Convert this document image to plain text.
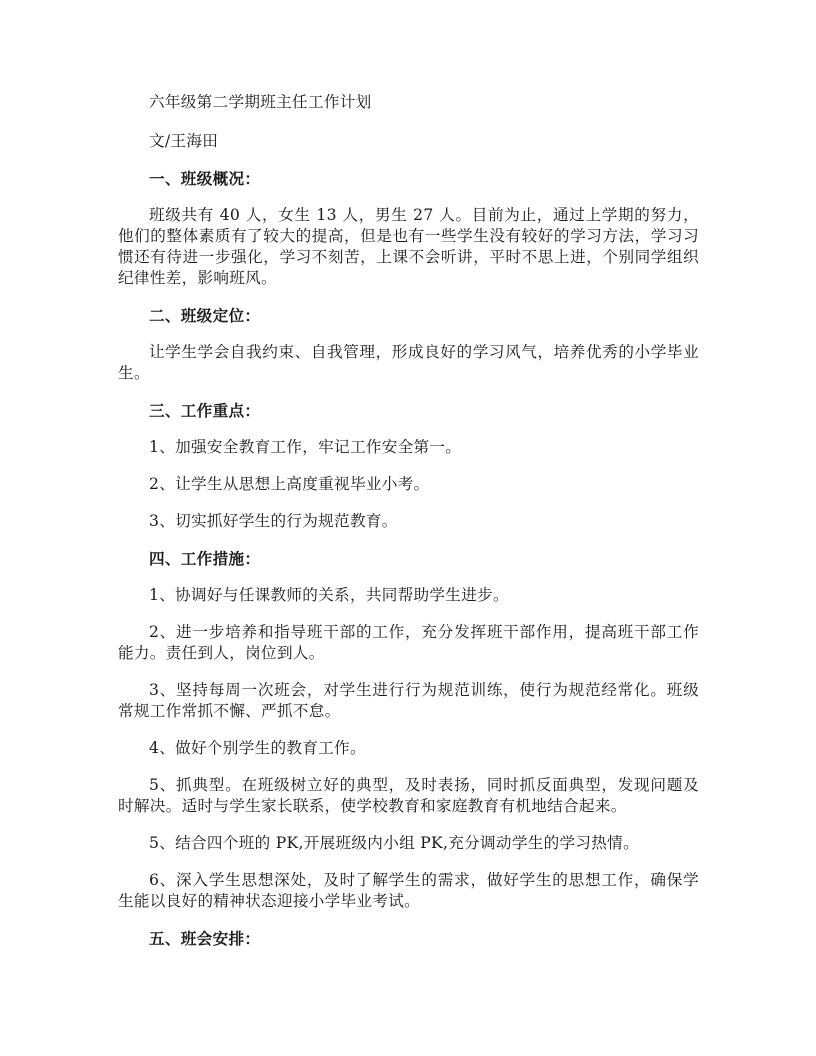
六年级第二学期班主任工作计划

文/王海田

一、班级概况：

班级共有 40 人，女生 13 人，男生 27 人。目前为止，通过上学期的努力，他们的整体素质有了较大的提高，但是也有一些学生没有较好的学习方法，学习习惯还有待进一步强化，学习不刻苦，上课不会听讲，平时不思上进，个别同学组织纪律性差，影响班风。

二、班级定位：

让学生学会自我约束、自我管理，形成良好的学习风气，培养优秀的小学毕业生。

三、工作重点：

1、加强安全教育工作，牢记工作安全第一。

2、让学生从思想上高度重视毕业小考。

3、切实抓好学生的行为规范教育。

四、工作措施：

1、协调好与任课教师的关系，共同帮助学生进步。

2、进一步培养和指导班干部的工作，充分发挥班干部作用，提高班干部工作能力。责任到人，岗位到人。

3、坚持每周一次班会，对学生进行行为规范训练，使行为规范经常化。班级常规工作常抓不懈、严抓不怠。

4、做好个别学生的教育工作。

5、抓典型。在班级树立好的典型，及时表扬，同时抓反面典型，发现问题及时解决。适时与学生家长联系，使学校教育和家庭教育有机地结合起来。

5、结合四个班的 PK,开展班级内小组 PK,充分调动学生的学习热情。

6、深入学生思想深处，及时了解学生的需求，做好学生的思想工作，确保学生能以良好的精神状态迎接小学毕业考试。

五、班会安排：
